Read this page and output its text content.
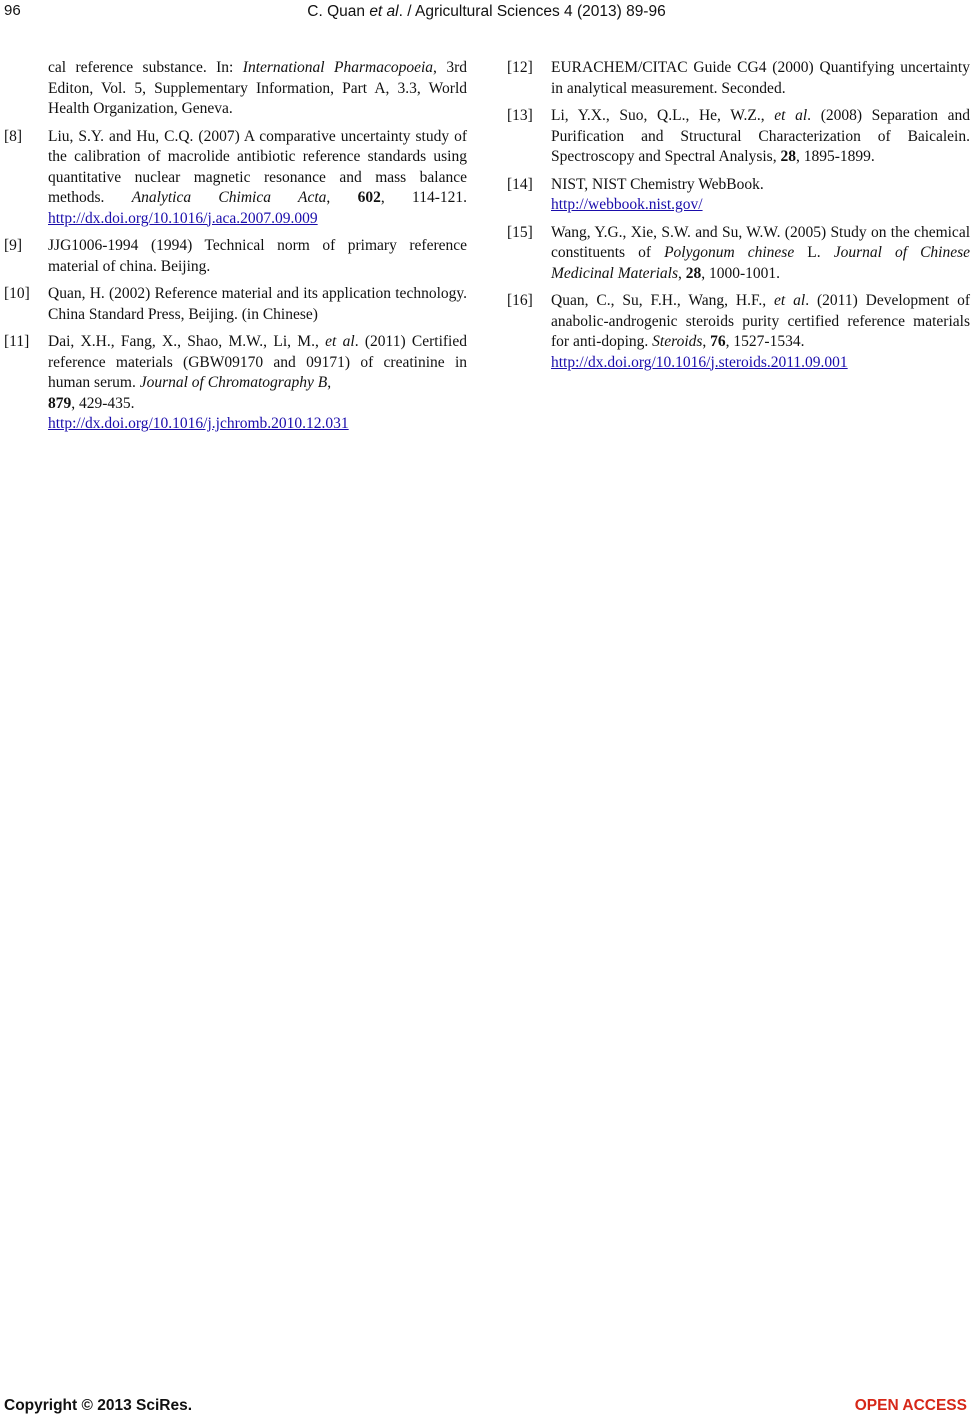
96	C. Quan et al. / Agricultural Sciences 4 (2013) 89-96
cal reference substance. In: International Pharmacopoeia, 3rd Editon, Vol. 5, Supplementary Information, Part A, 3.3, World Health Organization, Geneva.
[8] Liu, S.Y. and Hu, C.Q. (2007) A comparative uncertainty study of the calibration of macrolide antibiotic reference standards using quantitative nuclear magnetic resonance and mass balance methods. Analytica Chimica Acta, 602, 114-121. http://dx.doi.org/10.1016/j.aca.2007.09.009
[9] JJG1006-1994 (1994) Technical norm of primary reference material of china. Beijing.
[10] Quan, H. (2002) Reference material and its application technology. China Standard Press, Beijing. (in Chinese)
[11] Dai, X.H., Fang, X., Shao, M.W., Li, M., et al. (2011) Certified reference materials (GBW09170 and 09171) of creatinine in human serum. Journal of Chromatography B,
879, 429-435.
http://dx.doi.org/10.1016/j.jchromb.2010.12.031
[12] EURACHEM/CITAC Guide CG4 (2000) Quantifying uncertainty in analytical measurement. Seconded.
[13] Li, Y.X., Suo, Q.L., He, W.Z., et al. (2008) Separation and Purification and Structural Characterization of Baicalein. Spectroscopy and Spectral Analysis, 28, 1895-1899.
[14] NIST, NIST Chemistry WebBook.
http://webbook.nist.gov/
[15] Wang, Y.G., Xie, S.W. and Su, W.W. (2005) Study on the chemical constituents of Polygonum chinese L. Journal of Chinese Medicinal Materials, 28, 1000-1001.
[16] Quan, C., Su, F.H., Wang, H.F., et al. (2011) Development of anabolic-androgenic steroids purity certified reference materials for anti-doping. Steroids, 76, 1527-1534.
http://dx.doi.org/10.1016/j.steroids.2011.09.001
Copyright © 2013 SciRes.	OPEN ACCESS
